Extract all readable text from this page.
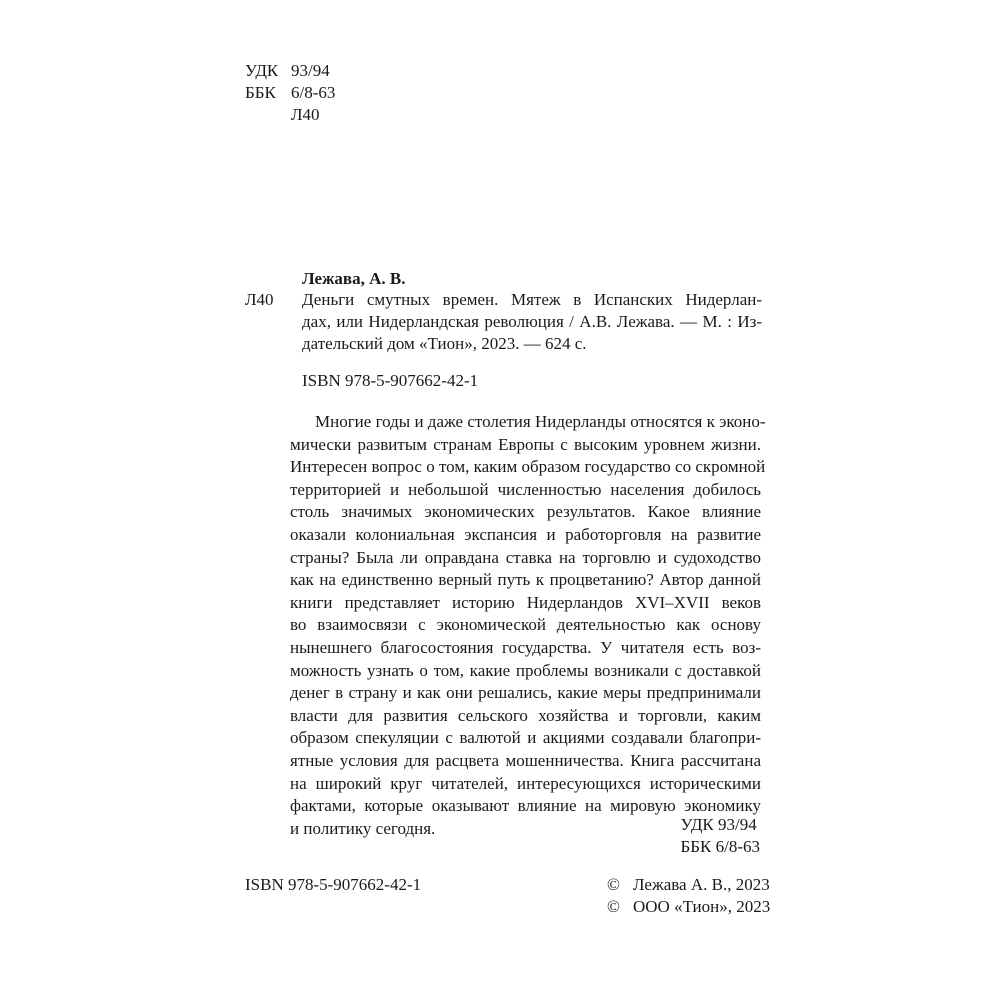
УДК 93/94
ББК 6/8-63
Л40
Лежава, А. В.
Л40 Деньги смутных времен. Мятеж в Испанских Нидерлан-
дах, или Нидерландская революция / А.В. Лежава. — М. : Из-
дательский дом «Тион», 2023. — 624 с.
ISBN 978-5-907662-42-1
Многие годы и даже столетия Нидерланды относятся к эконо-
мически развитым странам Европы с высоким уровнем жизни.
Интересен вопрос о том, каким образом государство со скромной
территорией и небольшой численностью населения добилось
столь значимых экономических результатов. Какое влияние
оказали колониальная экспансия и работорговля на развитие
страны? Была ли оправдана ставка на торговлю и судоходство
как на единственно верный путь к процветанию? Автор данной
книги представляет историю Нидерландов XVI–XVII веков
во взаимосвязи с экономической деятельностью как основу
нынешнего благосостояния государства. У читателя есть воз-
можность узнать о том, какие проблемы возникали с доставкой
денег в страну и как они решались, какие меры предпринимали
власти для развития сельского хозяйства и торговли, каким
образом спекуляции с валютой и акциями создавали благопри-
ятные условия для расцвета мошенничества. Книга рассчитана
на широкий круг читателей, интересующихся историческими
фактами, которые оказывают влияние на мировую экономику
и политику сегодня.	УДК 93/94
ББК 6/8-63
ISBN 978-5-907662-42-1	© Лежава А. В., 2023
© ООО «Тион», 2023
